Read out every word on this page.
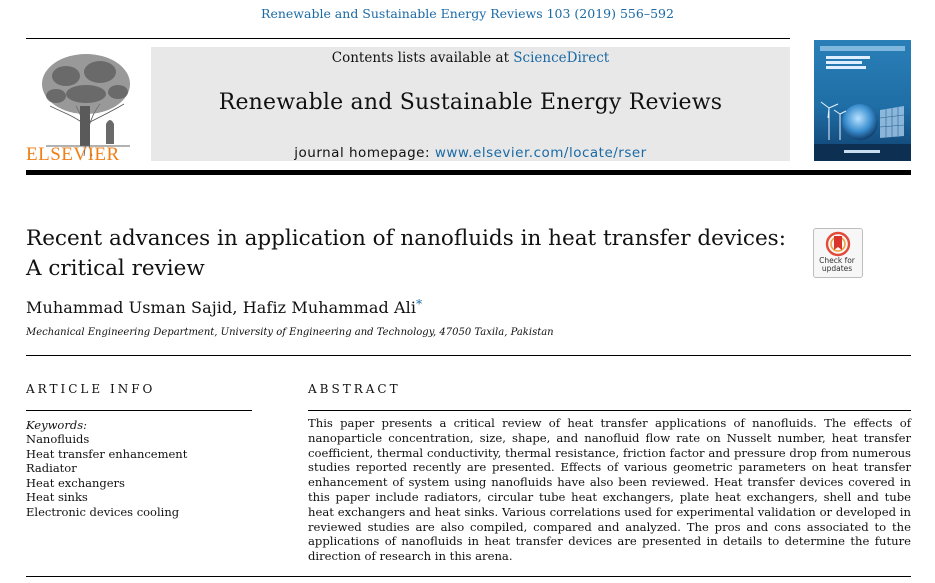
Renewable and Sustainable Energy Reviews 103 (2019) 556–592
ELSEVIER
Contents lists available at ScienceDirect
Renewable and Sustainable Energy Reviews
journal homepage: www.elsevier.com/locate/rser
Recent advances in application of nanofluids in heat transfer devices: A critical review	Check for
updates
Muhammad Usman Sajid, Hafiz Muhammad Ali*
Mechanical Engineering Department, University of Engineering and Technology, 47050 Taxila, Pakistan
ARTICLE INFO
Keywords:
Nanofluids
Heat transfer enhancement
Radiator
Heat exchangers
Heat sinks
Electronic devices cooling
ABSTRACT
This paper presents a critical review of heat transfer applications of nanofluids. The effects of nanoparticle concentration, size, shape, and nanofluid flow rate on Nusselt number, heat transfer coefficient, thermal conductivity, thermal resistance, friction factor and pressure drop from numerous studies reported recently are presented. Effects of various geometric parameters on heat transfer enhancement of system using nanofluids have also been reviewed. Heat transfer devices covered in this paper include radiators, circular tube heat exchangers, plate heat exchangers, shell and tube heat exchangers and heat sinks. Various correlations used for experimental validation or developed in reviewed studies are also compiled, compared and analyzed. The pros and cons associated to the applications of nanofluids in heat transfer devices are presented in details to determine the future direction of research in this arena.
